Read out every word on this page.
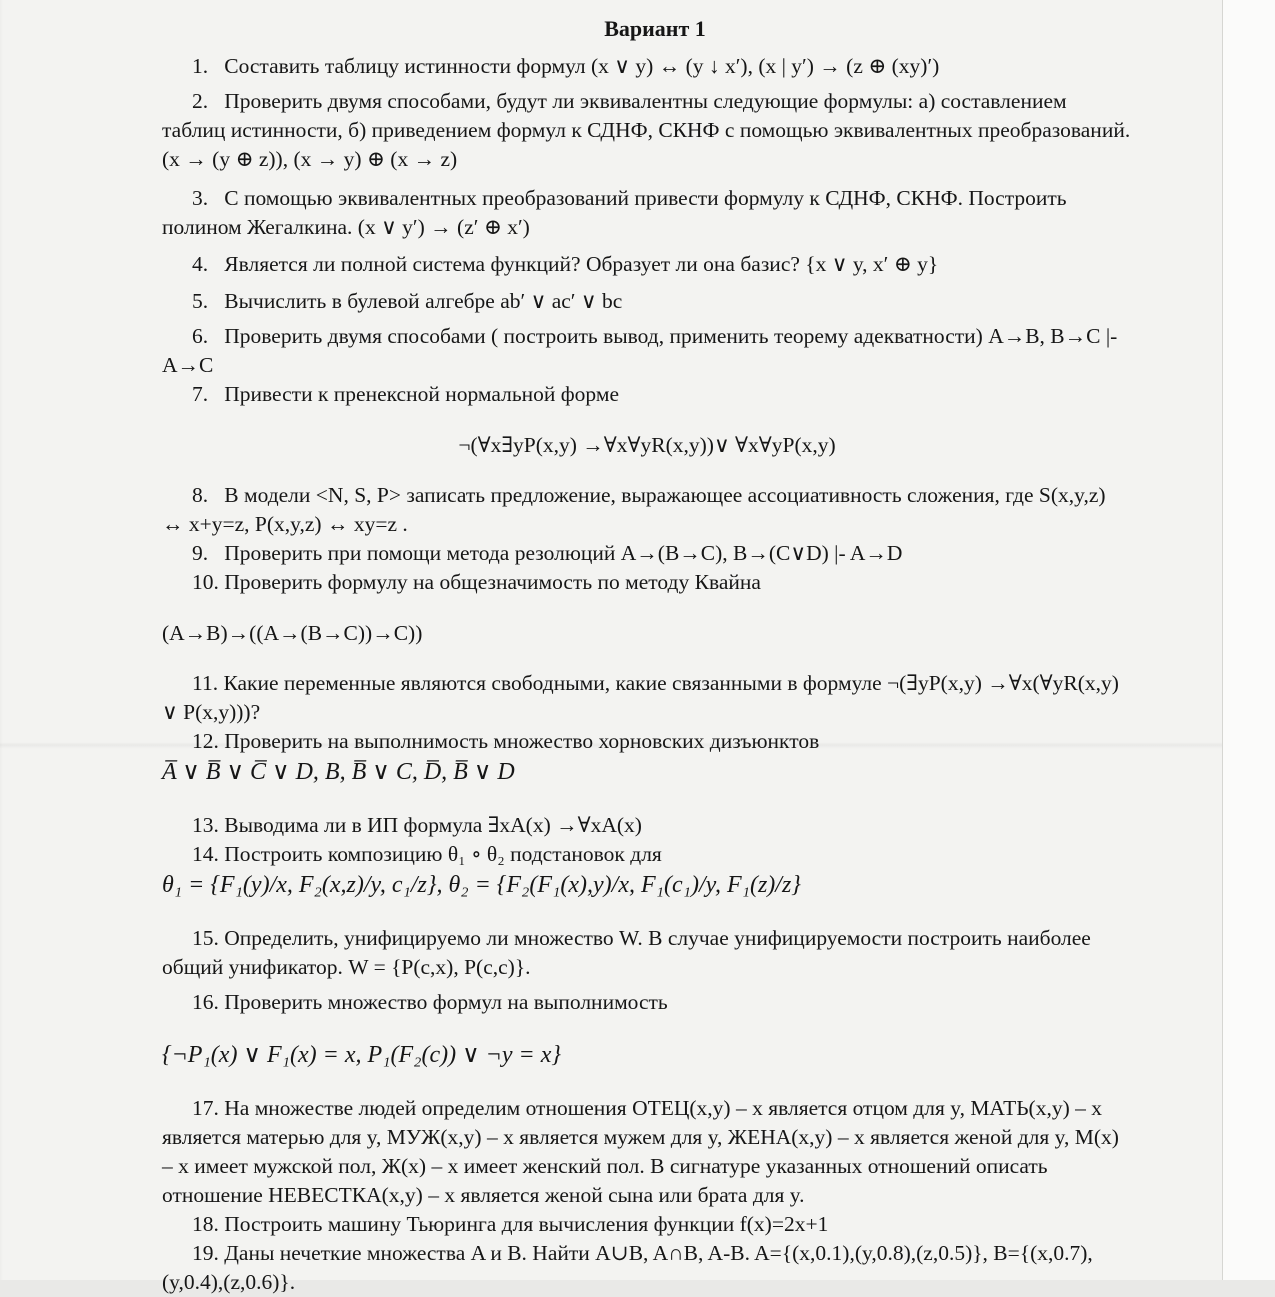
Вариант 1

1. Составить таблицу истинности формул (x ∨ y) ↔ (y ↓ x′), (x | y′) → (z ⊕ (xy)′)

2. Проверить двумя способами, будут ли эквивалентны следующие формулы: а) составлением таблиц истинности, б) приведением формул к СДНФ, СКНФ с помощью эквивалентных преобразований. (x → (y ⊕ z)), (x → y) ⊕ (x → z)

3. С помощью эквивалентных преобразований привести формулу к СДНФ, СКНФ. Построить полином Жегалкина. (x ∨ y′) → (z′ ⊕ x′)

4. Является ли полной система функций? Образует ли она базис? {x ∨ y, x′ ⊕ y}

5. Вычислить в булевой алгебре ab′ ∨ ac′ ∨ bc

6. Проверить двумя способами ( построить вывод, применить теорему адекватности) A→B, B→C |- A→C

7. Привести к пренексной нормальной форме

¬(∀x∃yP(x,y) →∀x∀yR(x,y))∨ ∀x∀yP(x,y)

8. В модели <N, S, P> записать предложение, выражающее ассоциативность сложения, где S(x,y,z) ↔ x+y=z, P(x,y,z) ↔ xy=z .

9. Проверить при помощи метода резолюций A→(B→C), B→(C∨D) |- A→D

10. Проверить формулу на общезначимость по методу Квайна

(A→B)→((A→(B→C))→C))

11. Какие переменные являются свободными, какие связанными в формуле ¬(∃yP(x,y) →∀x(∀yR(x,y) ∨ P(x,y)))?

12. Проверить на выполнимость множество хорновских дизъюнктов

A̅ ∨ B̅ ∨ C̅ ∨ D, B, B̅ ∨ C, D̅, B̅ ∨ D

13. Выводима ли в ИП формула ∃xA(x) →∀xA(x)

14. Построить композицию θ₁ ∘ θ₂ подстановок для

θ₁ = {F₁(y)/x, F₂(x,z)/y, c₁/z}, θ₂ = {F₂(F₁(x),y)/x, F₁(c₁)/y, F₁(z)/z}

15. Определить, унифицируемо ли множество W. В случае унифицируемости построить наиболее общий унификатор. W = {P(c,x), P(c,c)}.

16. Проверить множество формул на выполнимость

{¬P₁(x) ∨ F₁(x) = x, P₁(F₂(c)) ∨ ¬y = x}

17. На множестве людей определим отношения ОТЕЦ(x,y) – x является отцом для y, МАТЬ(x,y) – x является матерью для y, МУЖ(x,y) – x является мужем для y, ЖЕНА(x,y) – x является женой для y, М(x) – x имеет мужской пол, Ж(x) – x имеет женский пол. В сигнатуре указанных отношений описать отношение НЕВЕСТКА(x,y) – x является женой сына или брата для y.

18. Построить машину Тьюринга для вычисления функции f(x)=2x+1

19. Даны нечеткие множества A и B. Найти A∪B, A∩B, A-B. A={(x,0.1),(y,0.8),(z,0.5)}, B={(x,0.7),(y,0.4),(z,0.6)}.
